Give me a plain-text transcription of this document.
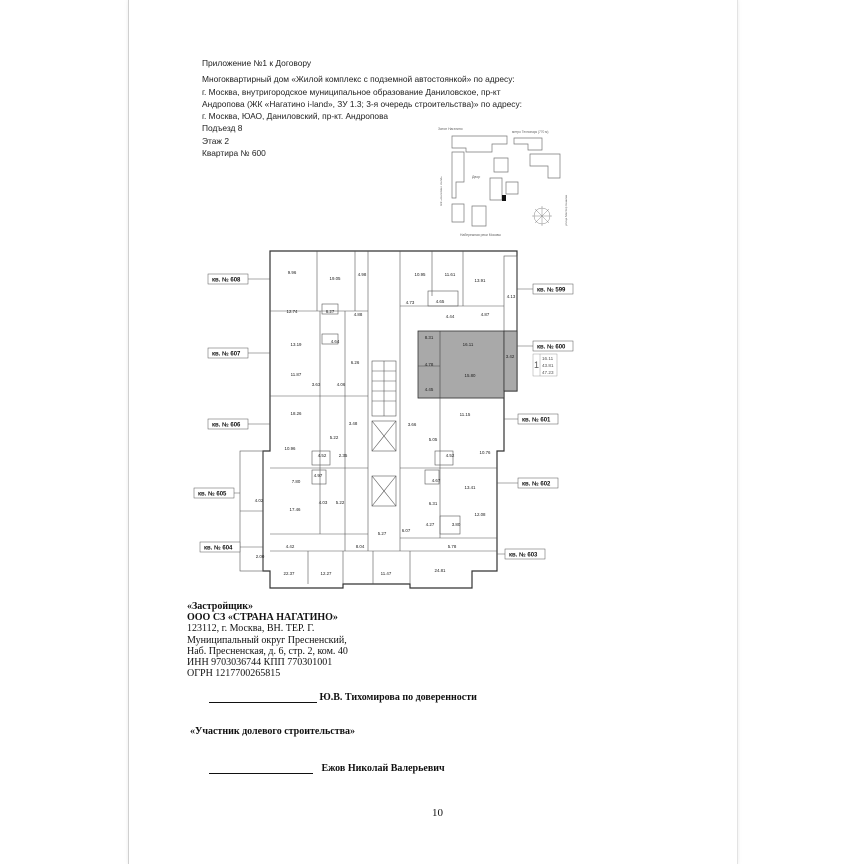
Приложение №1 к Договору
Многоквартирный дом «Жилой комплекс с подземной автостоянкой» по адресу:
г. Москва, внутригородское муниципальное образование Даниловское, пр-кт
Андропова (ЖК «Нагатино i-land», ЗУ 1.3; 3-я очередь строительства)» по адресу:
г. Москва, ЮАО, Даниловский, пр-кт. Андропова
Подъезд 8
Этаж 2
Квартира № 600
Затон Нагатино
метро Технопарк (770 м)
Двор
ЖК «Нагатино i-land»
улица Мастер Кашина
Набережная реки Москвы
9.96
19.05
4.98	10.95	11.61
13.91
4.13
12.74	6.27
4.88
4.73	4.65
4.44	4.87
13.19
4.64
6.26
8.31
16.11
3.42
11.87
3.63	4.06
4.78
15.80
4.45
18.26
3.48	3.66
11.15
5.22	5.05
10.96
4.52	2.35	4.52
10.76
7.80
4.97
4.67
13.41
5.22
4.03	6.31
4.02
17.46
4.27	3.80
12.08
5.27
6.07
4.42	8.04	5.78
2.00
22.37	12.27	11.47
24.81
кв. № 608
кв. № 607
кв. № 606
кв. № 605
кв. № 604
кв. № 599
кв. № 600
кв. № 601
кв. № 602
кв. № 603
1
16.11
43.81
47.23
«Застройщик»
ООО СЗ «СТРАНА НАГАТИНО»
123112, г. Москва, ВН. ТЕР. Г.
Муниципальный округ Пресненский,
Наб. Пресненская, д. 6, стр. 2, ком. 40
ИНН 9703036744 КПП 770301001
ОГРН 1217700265815
Ю.В. Тихомирова по доверенности
«Участник долевого строительства»
Ежов Николай Валерьевич
10
